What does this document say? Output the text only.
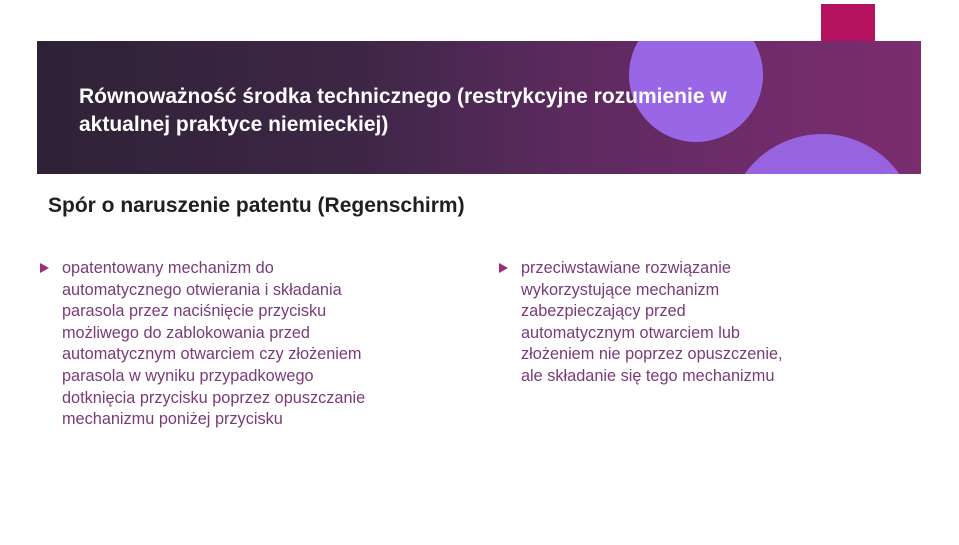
Równoważność środka technicznego (restrykcyjne rozumienie w
aktualnej praktyce niemieckiej)
Spór o naruszenie patentu (Regenschirm)
opatentowany mechanizm do
automatycznego otwierania i składania
parasola przez naciśnięcie przycisku
możliwego do zablokowania przed
automatycznym otwarciem czy złożeniem
parasola w wyniku przypadkowego
dotknięcia przycisku poprzez opuszczanie
mechanizmu poniżej przycisku
przeciwstawiane rozwiązanie
wykorzystujące mechanizm
zabezpieczający przed
automatycznym otwarciem lub
złożeniem nie poprzez opuszczenie,
ale składanie się tego mechanizmu
